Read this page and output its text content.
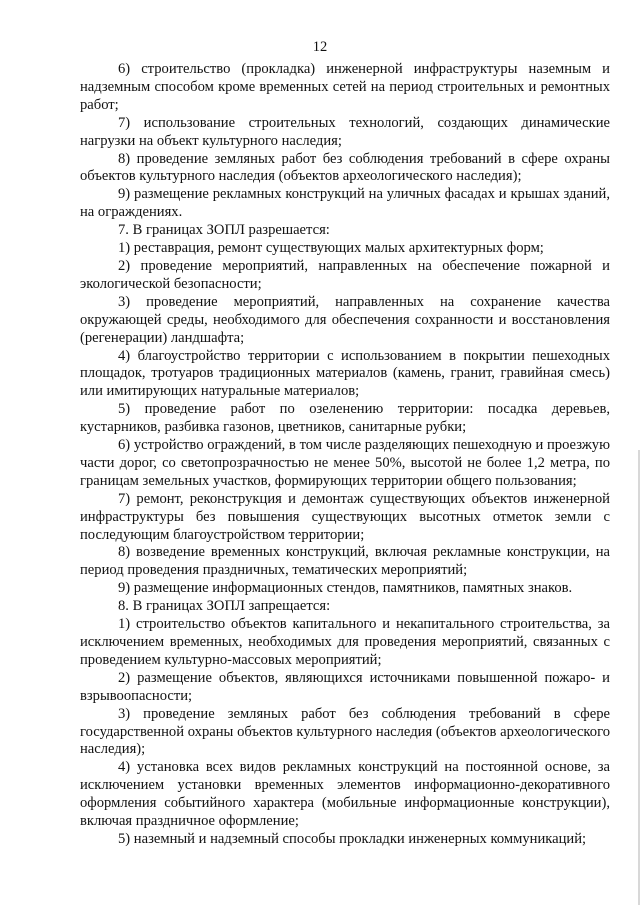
12

6) строительство (прокладка) инженерной инфраструктуры наземным и надземным способом кроме временных сетей на период строительных и ремонтных работ;

7) использование строительных технологий, создающих динамические нагрузки на объект культурного наследия;

8) проведение земляных работ без соблюдения требований в сфере охраны объектов культурного наследия (объектов археологического наследия);

9) размещение рекламных конструкций на уличных фасадах и крышах зданий, на ограждениях.

7. В границах ЗОПЛ разрешается:

1) реставрация, ремонт существующих малых архитектурных форм;

2) проведение мероприятий, направленных на обеспечение пожарной и экологической безопасности;

3) проведение мероприятий, направленных на сохранение качества окружающей среды, необходимого для обеспечения сохранности и восстановления (регенерации) ландшафта;

4) благоустройство территории с использованием в покрытии пешеходных площадок, тротуаров традиционных материалов (камень, гранит, гравийная смесь) или имитирующих натуральные материалов;

5) проведение работ по озеленению территории: посадка деревьев, кустарников, разбивка газонов, цветников, санитарные рубки;

6) устройство ограждений, в том числе разделяющих пешеходную и проезжую части дорог, со светопрозрачностью не менее 50%, высотой не более 1,2 метра, по границам земельных участков, формирующих территории общего пользования;

7) ремонт, реконструкция и демонтаж существующих объектов инженерной инфраструктуры без повышения существующих высотных отметок земли с последующим благоустройством территории;

8) возведение временных конструкций, включая рекламные конструкции, на период проведения праздничных, тематических мероприятий;

9) размещение информационных стендов, памятников, памятных знаков.

8. В границах ЗОПЛ запрещается:

1) строительство объектов капитального и некапитального строительства, за исключением временных, необходимых для проведения мероприятий, связанных с проведением культурно-массовых мероприятий;

2) размещение объектов, являющихся источниками повышенной пожаро- и взрывоопасности;

3) проведение земляных работ без соблюдения требований в сфере государственной охраны объектов культурного наследия (объектов археологического наследия);

4) установка всех видов рекламных конструкций на постоянной основе, за исключением установки временных элементов информационно-декоративного оформления событийного характера (мобильные информационные конструкции), включая праздничное оформление;

5) наземный и надземный способы прокладки инженерных коммуникаций;
